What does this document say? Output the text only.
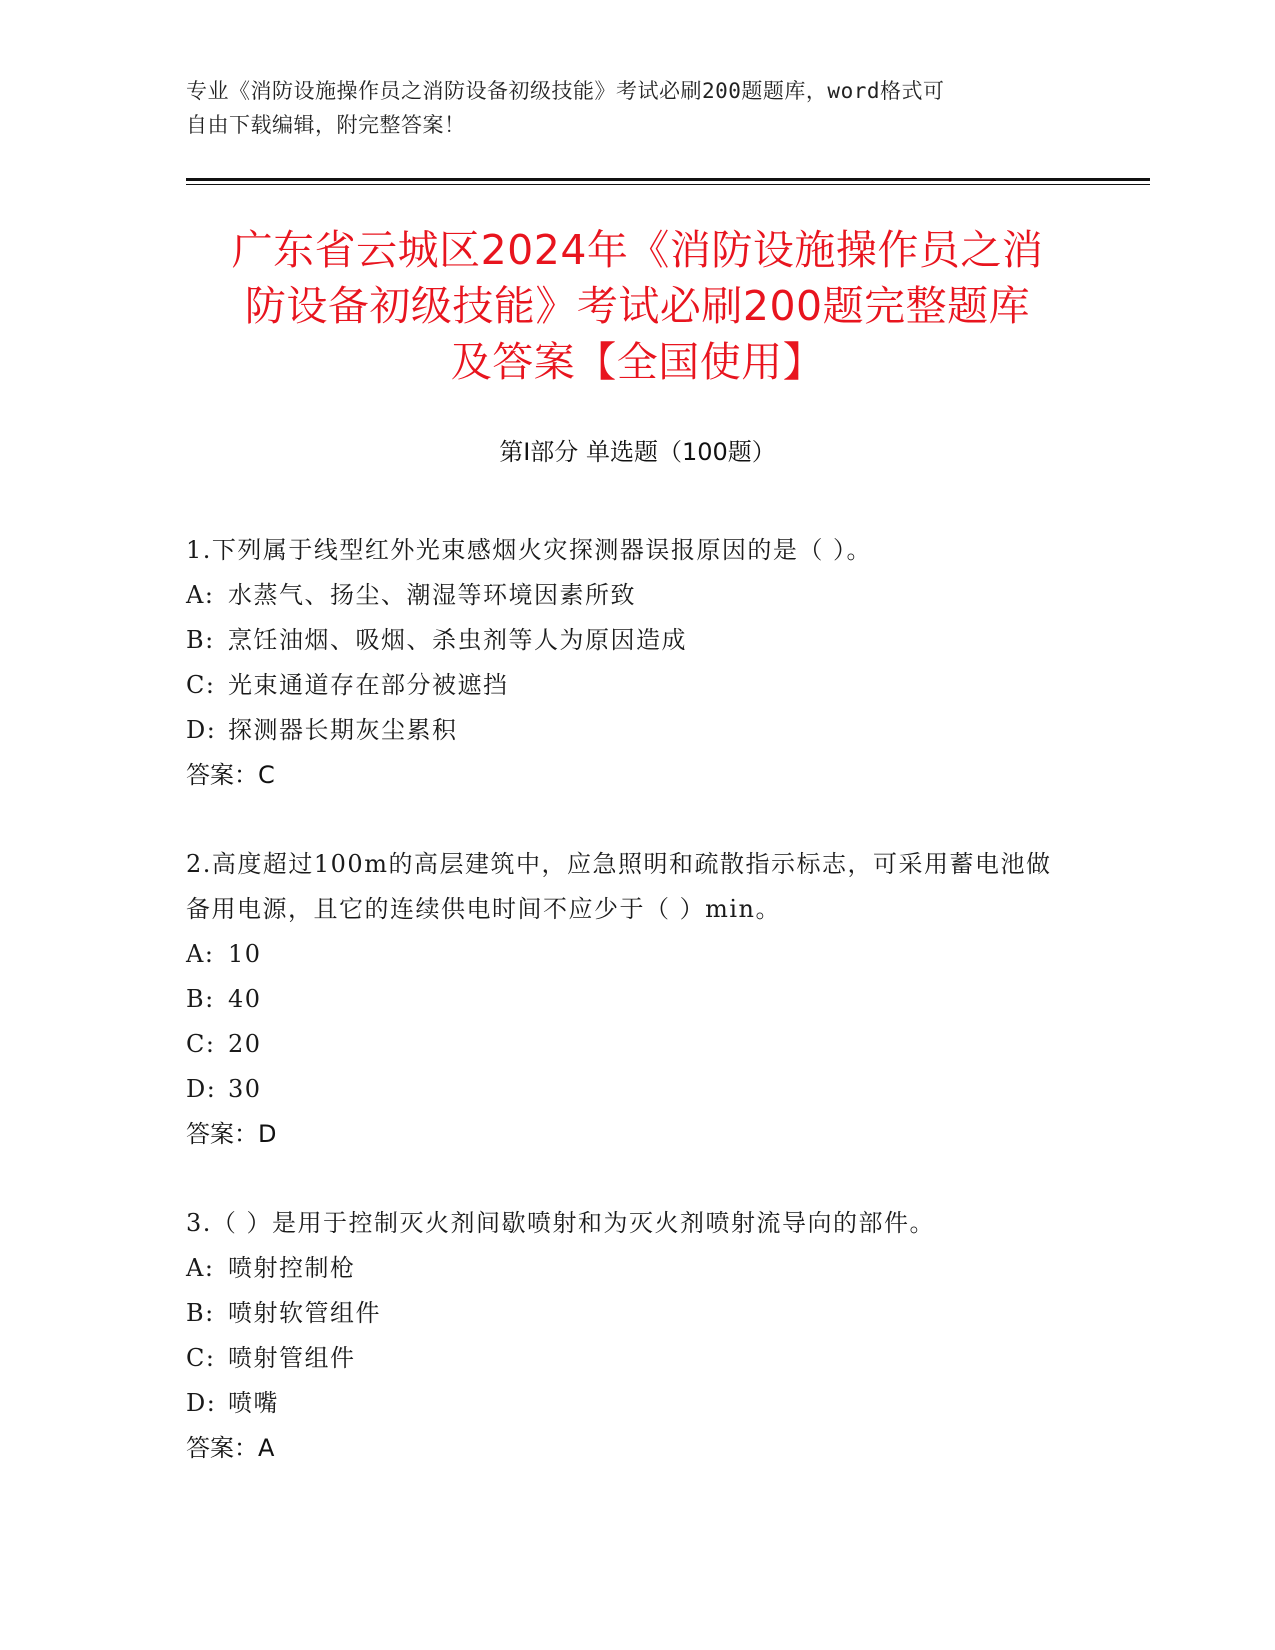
专业《消防设施操作员之消防设备初级技能》考试必刷200题题库，word格式可
自由下载编辑，附完整答案！
广东省云城区2024年《消防设施操作员之消
防设备初级技能》考试必刷200题完整题库
及答案【全国使用】
第Ⅰ部分 单选题（100题）
1.下列属于线型红外光束感烟火灾探测器误报原因的是（ ）。
A: 水蒸气、扬尘、潮湿等环境因素所致
B: 烹饪油烟、吸烟、杀虫剂等人为原因造成
C: 光束通道存在部分被遮挡
D: 探测器长期灰尘累积
答案：C
2.高度超过100m的高层建筑中，应急照明和疏散指示标志，可采用蓄电池做备用电源，且它的连续供电时间不应少于（ ）min。
A: 10
B: 40
C: 20
D: 30
答案：D
3.（ ）是用于控制灭火剂间歇喷射和为灭火剂喷射流导向的部件。
A: 喷射控制枪
B: 喷射软管组件
C: 喷射管组件
D: 喷嘴
答案：A
